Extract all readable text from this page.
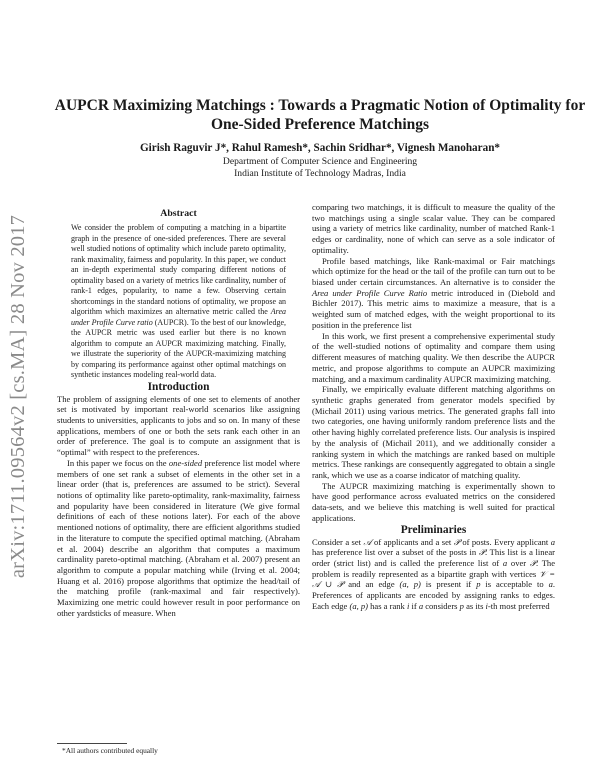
arXiv:1711.09564v2 [cs.MA] 28 Nov 2017
AUPCR Maximizing Matchings : Towards a Pragmatic Notion of Optimality for
One-Sided Preference Matchings

Girish Raguvir J*, Rahul Ramesh*, Sachin Sridhar*, Vignesh Manoharan*

Department of Computer Science and Engineering

Indian Institute of Technology Madras, India

Abstract

We consider the problem of computing a matching in a bipartite graph in the presence of one-sided preferences. There are several well studied notions of optimality which include pareto optimality, rank maximality, fairness and popularity. In this paper, we conduct an in-depth experimental study comparing different notions of optimality based on a variety of metrics like cardinality, number of rank-1 edges, popularity, to name a few. Observing certain shortcomings in the standard notions of optimality, we propose an algorithm which maximizes an alternative metric called the Area under Profile Curve ratio (AUPCR). To the best of our knowledge, the AUPCR metric was used earlier but there is no known algorithm to compute an AUPCR maximizing matching. Finally, we illustrate the superiority of the AUPCR-maximizing matching by comparing its performance against other optimal matchings on synthetic instances modeling real-world data.

Introduction

The problem of assigning elements of one set to elements of another set is motivated by important real-world scenarios like assigning students to universities, applicants to jobs and so on. In many of these applications, members of one or both the sets rank each other in an order of preference. The goal is to compute an assignment that is “optimal” with respect to the preferences.

In this paper we focus on the one-sided preference list model where members of one set rank a subset of elements in the other set in a linear order (that is, preferences are assumed to be strict). Several notions of optimality like pareto-optimality, rank-maximality, fairness and popularity have been considered in literature (We give formal definitions of each of these notions later). For each of the above mentioned notions of optimality, there are efficient algorithms studied in the literature to compute the specified optimal matching. (Abraham et al. 2004) describe an algorithm that computes a maximum cardinality pareto-optimal matching. (Abraham et al. 2007) present an algorithm to compute a popular matching while (Irving et al. 2004; Huang et al. 2016) propose algorithms that optimize the head/tail of the matching profile (rank-maximal and fair respectively). Maximizing one metric could however result in poor performance on other yardsticks of measure. When

comparing two matchings, it is difficult to measure the quality of the two matchings using a single scalar value. They can be compared using a variety of metrics like cardinality, number of matched Rank-1 edges or cardinality, none of which can serve as a sole indicator of optimality.

Profile based matchings, like Rank-maximal or Fair matchings which optimize for the head or the tail of the profile can turn out to be biased under certain circumstances. An alternative is to consider the Area under Profile Curve Ratio metric introduced in (Diebold and Bichler 2017). This metric aims to maximize a measure, that is a weighted sum of matched edges, with the weight proportional to its position in the preference list

In this work, we first present a comprehensive experimental study of the well-studied notions of optimality and compare them using different measures of matching quality. We then describe the AUPCR metric, and propose algorithms to compute an AUPCR maximizing matching, and a maximum cardinality AUPCR maximizing matching.

Finally, we empirically evaluate different matching algorithms on synthetic graphs generated from generator models specified by (Michail 2011) using various metrics. The generated graphs fall into two categories, one having uniformly random preference lists and the other having highly correlated preference lists. Our analysis is inspired by the analysis of (Michail 2011), and we additionally consider a ranking system in which the matchings are ranked based on multiple metrics. These rankings are consequently aggregated to obtain a single rank, which we use as a coarse indicator of matching quality.

The AUPCR maximizing matching is experimentally shown to have good performance across evaluated metrics on the considered data-sets, and we believe this matching is well suited for practical applications.

Preliminaries

Consider a set 𝒜 of applicants and a set 𝒫 of posts. Every applicant a has preference list over a subset of the posts in 𝒫. This list is a linear order (strict list) and is called the preference list of a over 𝒫. The problem is readily represented as a bipartite graph with vertices 𝒱 = 𝒜 ∪ 𝒫 and an edge (a, p) is present if p is acceptable to a. Preferences of applicants are encoded by assigning ranks to edges. Each edge (a, p) has a rank i if a considers p as its i-th most preferred

*All authors contributed equally
